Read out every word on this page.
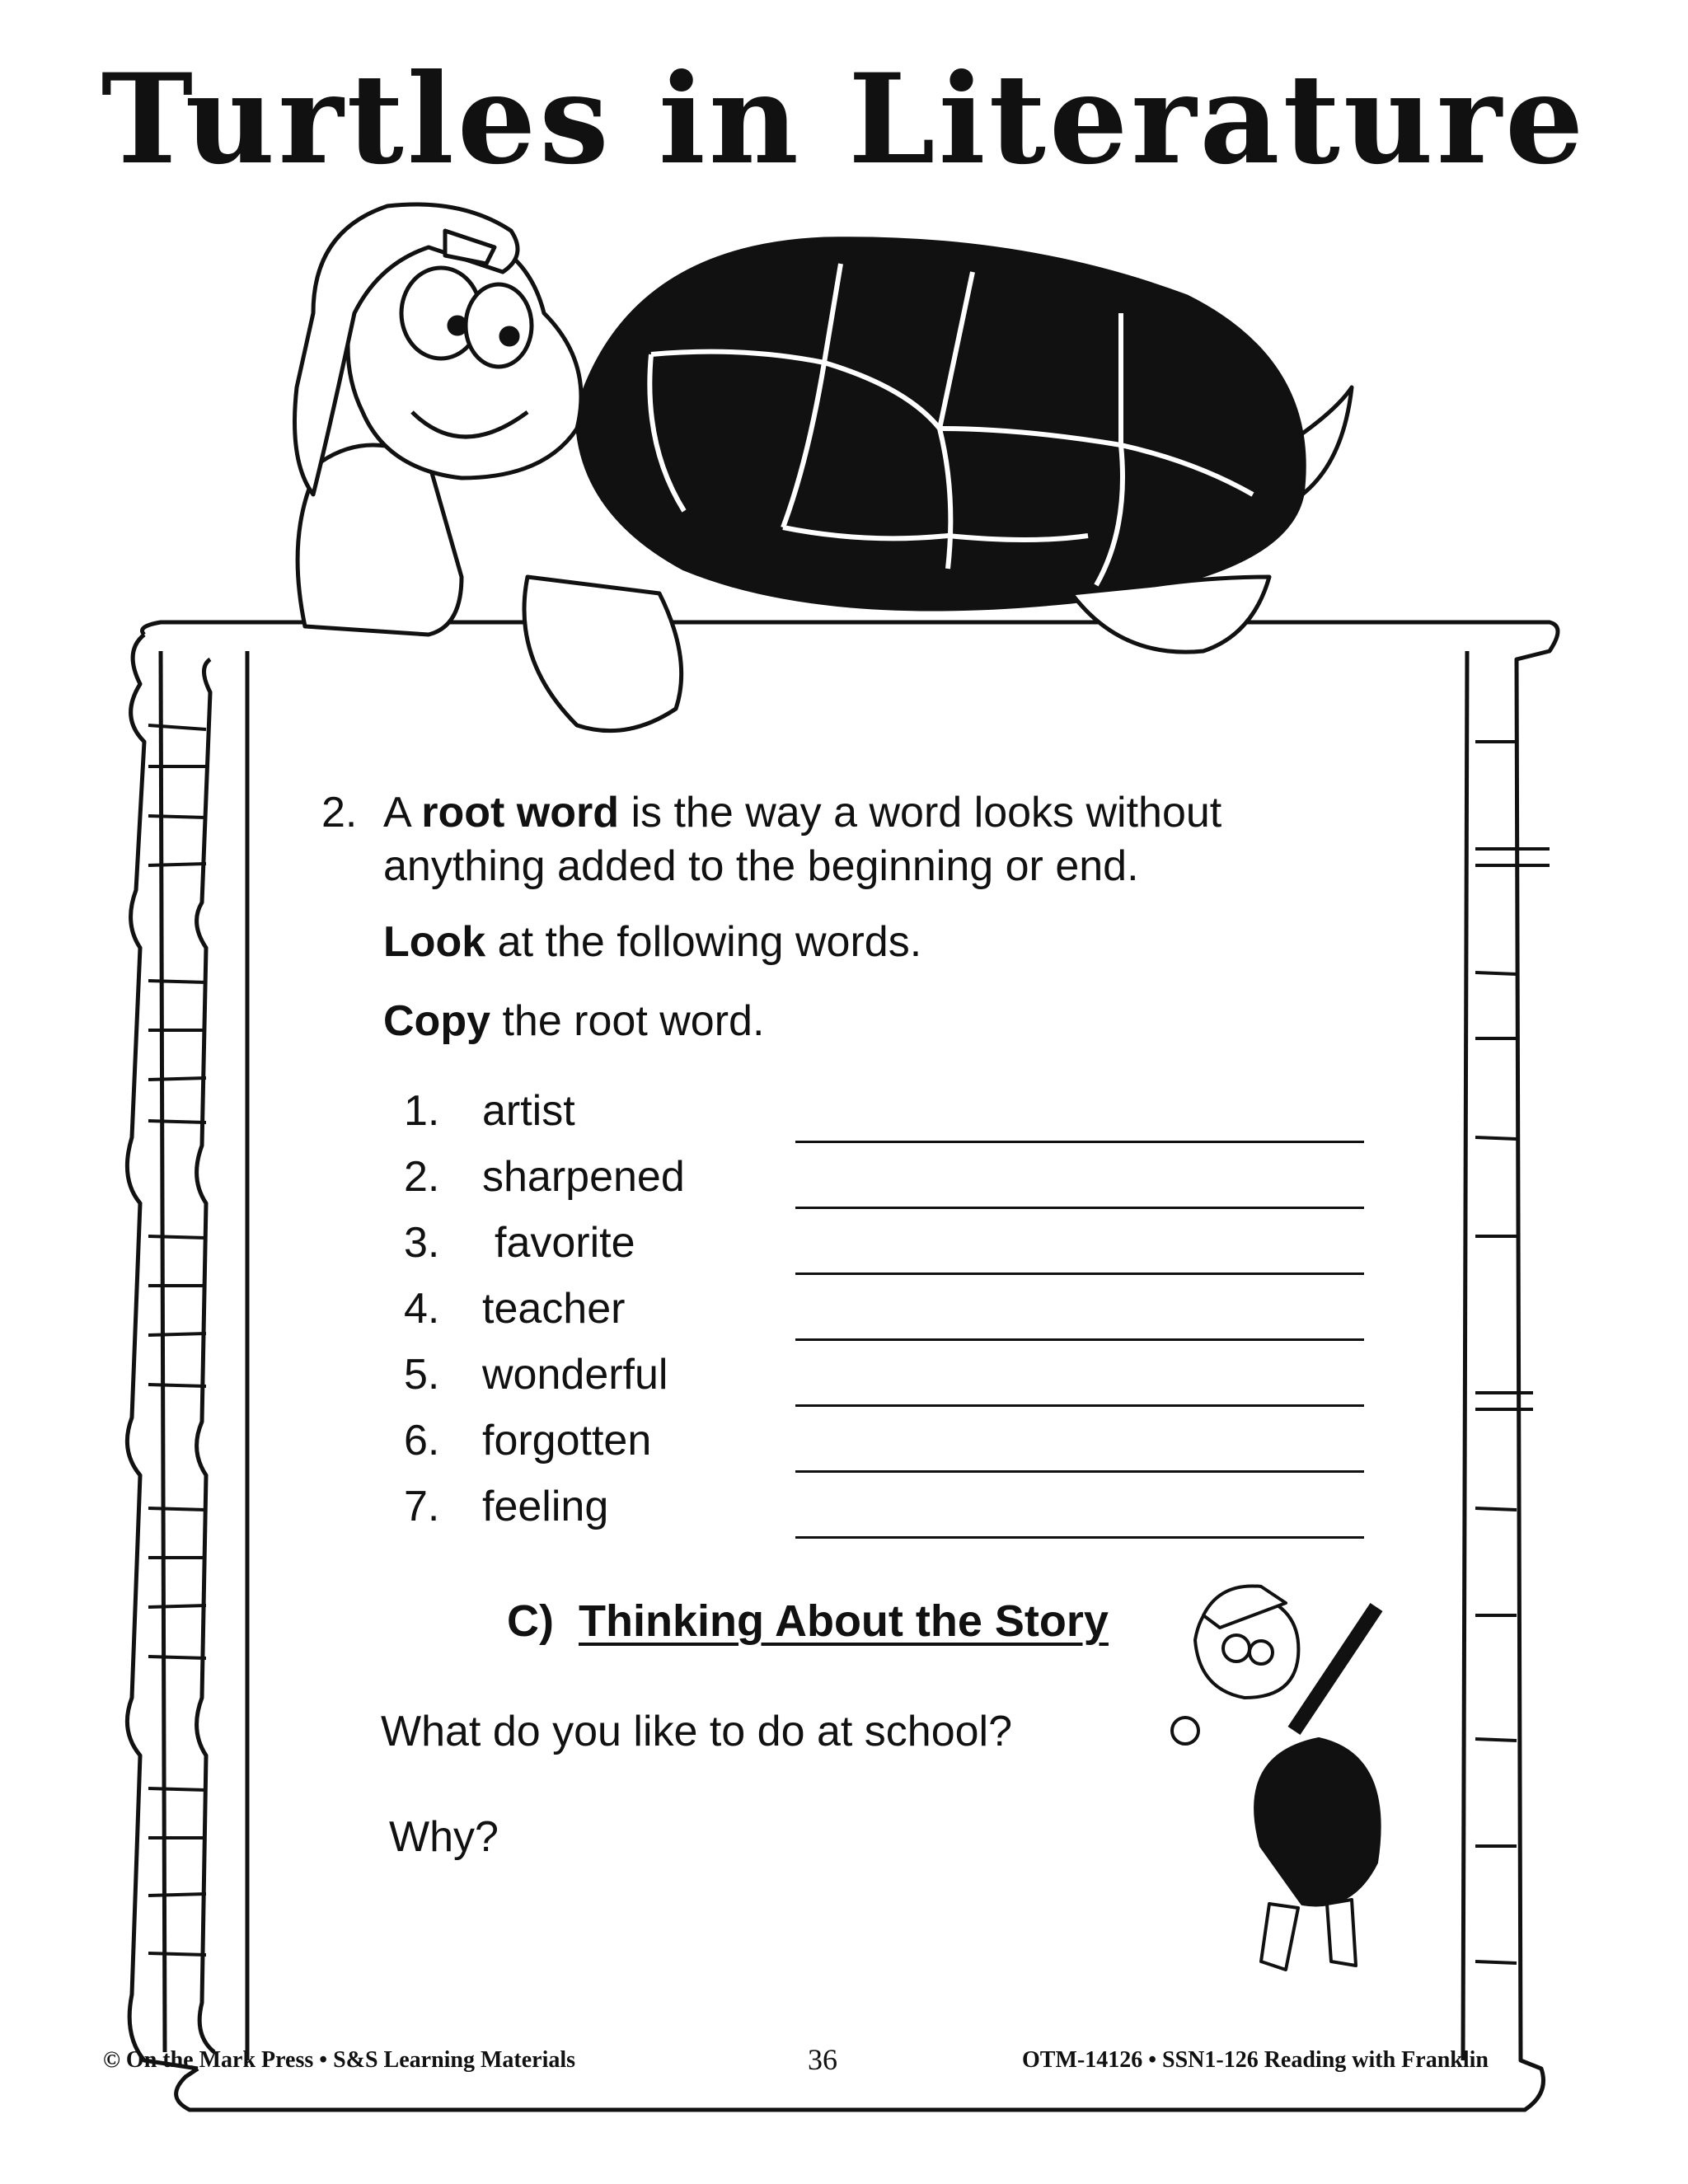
Turtles in Literature
2. A root word is the way a word looks without
anything added to the beginning or end.
Look at the following words.
Copy the root word.
1. artist
2. sharpened
3. favorite
4. teacher
5. wonderful
6. forgotten
7. feeling
C) Thinking About the Story
What do you like to do at school?
Why?
© On the Mark Press • S&S Learning Materials	36	OTM-14126 • SSN1-126 Reading with Franklin
